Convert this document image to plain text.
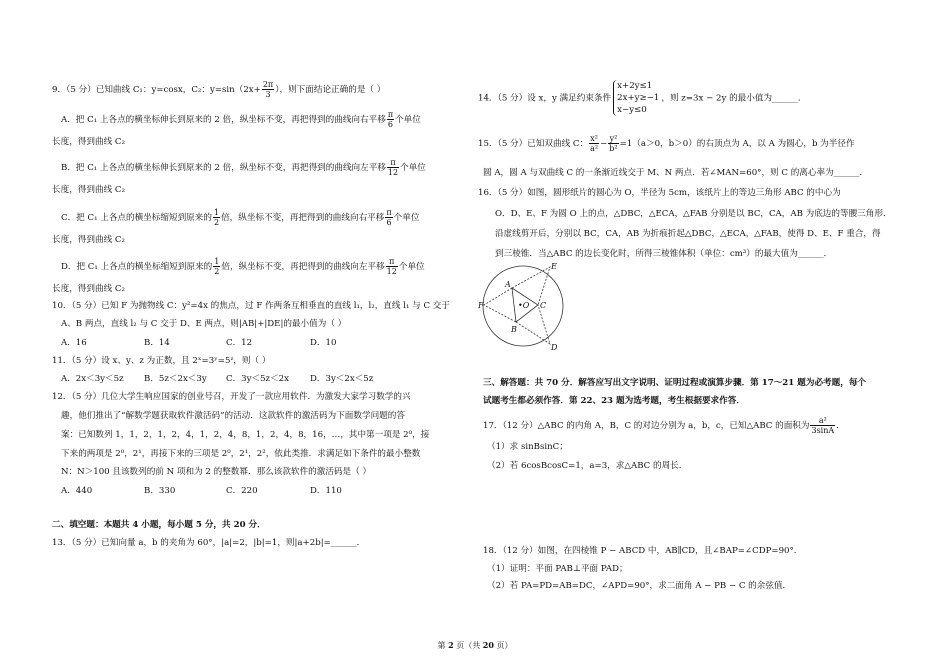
9．（5 分）已知曲线 C₁：y=cosx，C₂：$y=\sin(2x+ \frac{2\pi}{3}$ ），则下面结论正确的是（ ）
A．把 C₁ 上各点的横坐标伸长到原来的 2 倍，纵坐标不变，再把得到的曲线向右平移 $\frac{\pi}{6}$ 个单位
长度，得到曲线 C₂
B．把 C₁ 上各点的横坐标伸长到原来的 2 倍，纵坐标不变，再把得到的曲线向左平移 $\frac{\pi}{12}$ 个单位
长度，得到曲线 C₂
C．把 C₁ 上各点的横坐标缩短到原来的 $\frac{1}{2}$ 倍，纵坐标不变，再把得到的曲线向右平移 $\frac{\pi}{6}$ 个单位
长度，得到曲线 C₂
D．把 C₁ 上各点的横坐标缩短到原来的 $\frac{1}{2}$ 倍，纵坐标不变，再把得到的曲线向左平移 $\frac{\pi}{12}$ 个单位
长度，得到曲线 C₂
10．（5 分）已知 F 为抛物线 C：y²=4x 的焦点，过 F 作两条互相垂直的直线 l₁，l₂，直线 l₁ 与 C 交于
A、B 两点，直线 l₂ 与 C 交于 D、E 两点，则|AB|+|DE|的最小值为（ ）
A．16	B．14	C．12	D．10
11．（5 分）设 x、y、z 为正数，且 2ˣ=3ʸ=5ᶻ，则（ ）
A．2x＜3y＜5z B．5z＜2x＜3y C．3y＜5z＜2x D．3y＜2x＜5z
12．（5 分）几位大学生响应国家的创业号召，开发了一款应用软件．为激发大家学习数学的兴
趣，他们推出了“解数学题获取软件激活码”的活动．这款软件的激活码为下面数学问题的答
案：已知数列 1，1，2，1，2，4，1，2，4，8，1，2，4，8，16，…，其中第一项是 2⁰，接
下来的两项是 2⁰，2¹，再接下来的三项是 2⁰，2¹，2²，依此类推．求满足如下条件的最小整数
N：N＞100 且该数列的前 N 项和为 2 的整数幂．那么该款软件的激活码是（ ）
A．440	B．330	C．220	D．110
二、填空题：本题共 4 小题，每小题 5 分，共 20 分．
13．（5 分）已知向量 a，b 的夹角为 60°，|a|=2，|b|=1，则|a+2b|=______．
14．（5 分）设 x，y 满足约束条件
x+2y≤1
2x+y≥−1
x−y≤0
，则 z=3x − 2y 的最小值为______．
15．（5 分）已知双曲线 C： $\frac{\text{x²}}{\text{a²}} - \frac{\text{y²}}{\text{b²}} =1(a>0$，b＞0）的右顶点为 A，以 A 为圆心，b 为半径作
圆 A，圆 A 与双曲线 C 的一条渐近线交于 M、N 两点．若∠MAN=60°，则 C 的离心率为______．
16．（5 分）如图，圆形纸片的圆心为 O，半径为 5cm，该纸片上的等边三角形 ABC 的中心为
O．D、E、F 为圆 O 上的点，△DBC，△ECA，△FAB 分别是以 BC，CA，AB 为底边的等腰三角形．
沿虚线剪开后，分别以 BC，CA，AB 为折痕折起△DBC，△ECA，△FAB，使得 D、E、F 重合，得
到三棱锥．当△ABC 的边长变化时，所得三棱锥体积（单位：cm³）的最大值为______．
A
B
C
D
E
F	•O
三、解答题：共 70 分．解答应写出文字说明、证明过程或演算步骤．第 17～21 题为必考题，每个
试题考生都必须作答．第 22、23 题为选考题，考生根据要求作答．
17．（12 分）△ABC 的内角 A，B，C 的对边分别为 a，b，c，已知△ABC 的面积为 $\frac{\text{a²}}{3\sin A}$ ．
（1）求 sinBsinC；
（2）若 6cosBcosC=1，a=3，求△ABC 的周长．
18．（12 分）如图，在四棱锥 P − ABCD 中，AB∥CD，且∠BAP=∠CDP=90°．
（1）证明：平面 PAB⊥平面 PAD；
（2）若 PA=PD=AB=DC，∠APD=90°，求二面角 A − PB − C 的余弦值．
第 2 页（共 20 页）
